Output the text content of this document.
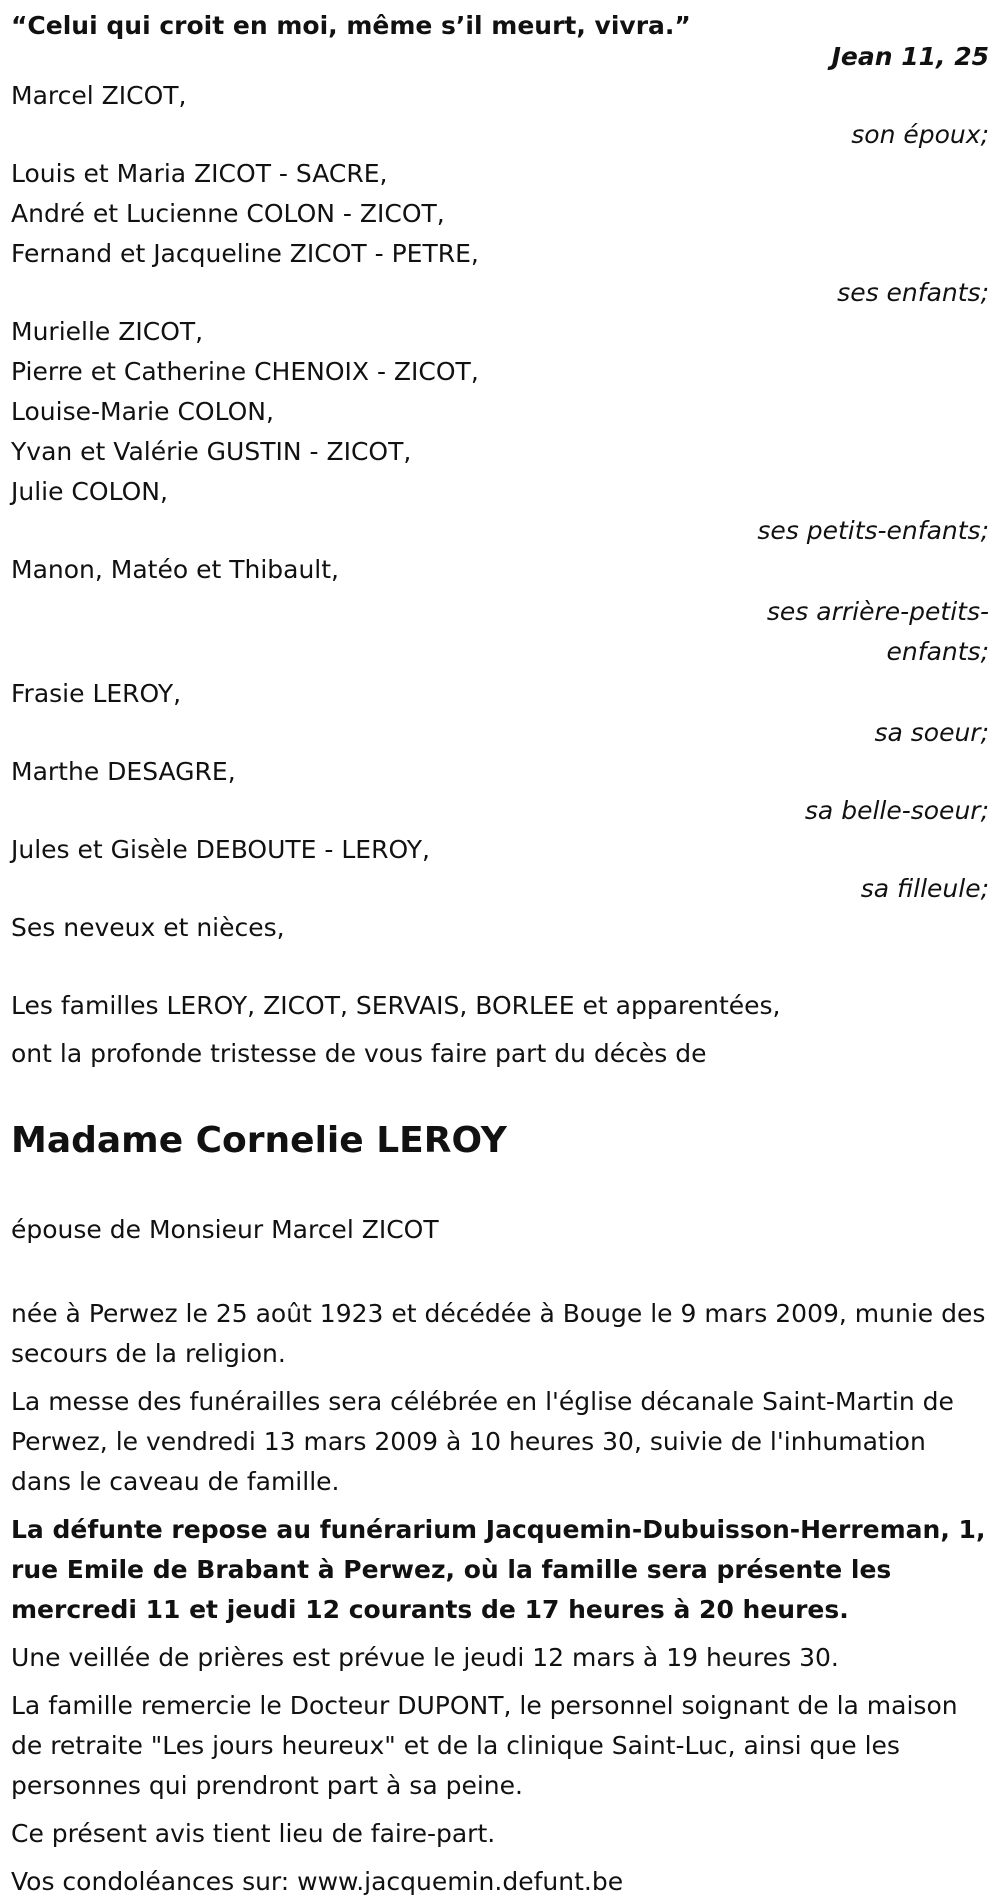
“Celui qui croit en moi, même s’il meurt, vivra.”

Jean 11, 25

Marcel ZICOT,

son époux;

Louis et Maria ZICOT - SACRE,

André et Lucienne COLON - ZICOT,

Fernand et Jacqueline ZICOT - PETRE,

ses enfants;

Murielle ZICOT,

Pierre et Catherine CHENOIX - ZICOT,

Louise-Marie COLON,

Yvan et Valérie GUSTIN - ZICOT,

Julie COLON,

ses petits-enfants;

Manon, Matéo et Thibault,

ses arrière-petits-enfants;

Frasie LEROY,

sa soeur;

Marthe DESAGRE,

sa belle-soeur;

Jules et Gisèle DEBOUTE - LEROY,

sa filleule;

Ses neveux et nièces,

Les familles LEROY, ZICOT, SERVAIS, BORLEE et apparentées,

ont la profonde tristesse de vous faire part du décès de

Madame Cornelie LEROY

épouse de Monsieur Marcel ZICOT

née à Perwez le 25 août 1923 et décédée à Bouge le 9 mars 2009, munie des secours de la religion.

La messe des funérailles sera célébrée en l'église décanale Saint-Martin de Perwez, le vendredi 13 mars 2009 à 10 heures 30, suivie de l'inhumation dans le caveau de famille.

La défunte repose au funérarium Jacquemin-Dubuisson-Herreman, 1, rue Emile de Brabant à Perwez, où la famille sera présente les mercredi 11 et jeudi 12 courants de 17 heures à 20 heures.

Une veillée de prières est prévue le jeudi 12 mars à 19 heures 30.

La famille remercie le Docteur DUPONT, le personnel soignant de la maison de retraite "Les jours heureux" et de la clinique Saint-Luc, ainsi que les personnes qui prendront part à sa peine.

Ce présent avis tient lieu de faire-part.

Vos condoléances sur: www.jacquemin.defunt.be
